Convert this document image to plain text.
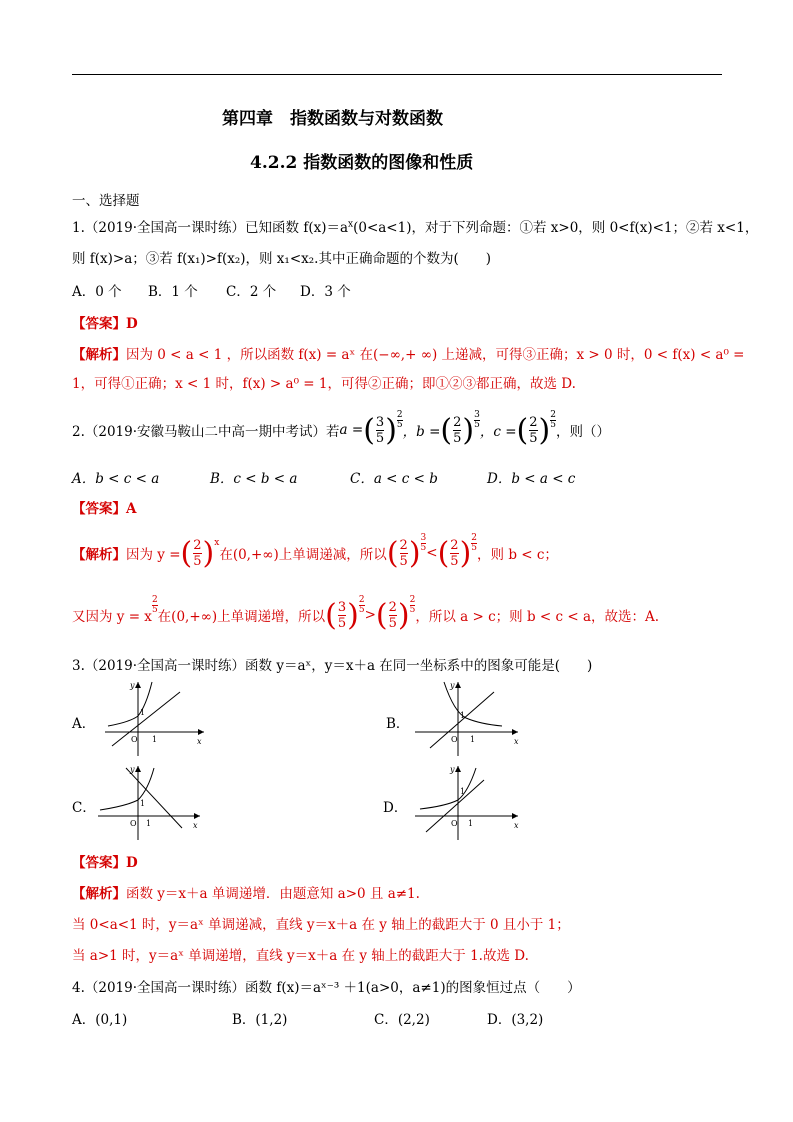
第四章　指数函数与对数函数
4.2.2 指数函数的图像和性质
一、选择题
1.（2019·全国高一课时练）已知函数 $f(x)=a^x(0<a<1)$，对于下列命题：①若 x>0，则 0<f(x)<1；②若 x<1，
则 f(x)>a；③若 f(x₁)>f(x₂)，则 x₁<x₂.其中正确命题的个数为(　　)
A．0 个 B．1 个 C．2 个 D．3 个
【答案】D
【解析】因为 0 < a < 1 ，所以函数 f(x) = aˣ 在(−∞,+ ∞) 上递减，可得③正确；x > 0 时，0 < f(x) < a⁰ =
1，可得①正确；x < 1 时，f(x) > a⁰ = 1，可得②正确；即①②③都正确，故选 D.
2.（2019·安徽马鞍山二中高一期中考试）若 a = ( $\frac{3}{5}$ ) 2
5 ，b = ( $\frac{2}{5}$ ) 3
5 ，c = ( $\frac{2}{5}$ ) 2
5 ，则（）
A．b < c < a	B．c < b < a	C．a < c < b	D．b < a < c
【答案】A
【解析】 因为 y = ( $\frac{2}{5}$ ) x
在(0,+∞)上单调递减，所以 ( $\frac{2}{5}$ ) 3
5 < ( $\frac{2}{5}$ ) 2
5 ，则 b < c；
又因为 y = x
2
5 在(0,+∞)上单调递增，所以 ( $\frac{3}{5}$ ) 2
5 > ( $\frac{2}{5}$ ) 2
5 ，所以 a > c；则 b < c < a，故选：A.
3.（2019·全国高一课时练）函数 y＝aˣ，y＝x＋a 在同一坐标系中的图象可能是(　　)
A．
x
y
O 1
1
B．
x
y
O 1
1
C．
x
y
O 1
1	D．
x
y
O 1
1
【答案】D
【解析】函数 y＝x＋a 单调递增．由题意知 a>0 且 a≠1.
当 0<a<1 时，y＝aˣ 单调递减，直线 y＝x＋a 在 y 轴上的截距大于 0 且小于 1；
当 a>1 时，y＝aˣ 单调递增，直线 y＝x＋a 在 y 轴上的截距大于 1.故选 D.
4.（2019·全国高一课时练）函数 f(x)＝aˣ⁻³ ＋1(a>0，a≠1)的图象恒过点（　　）
A．(0,1)	B．(1,2)	C．(2,2)	D．(3,2)
